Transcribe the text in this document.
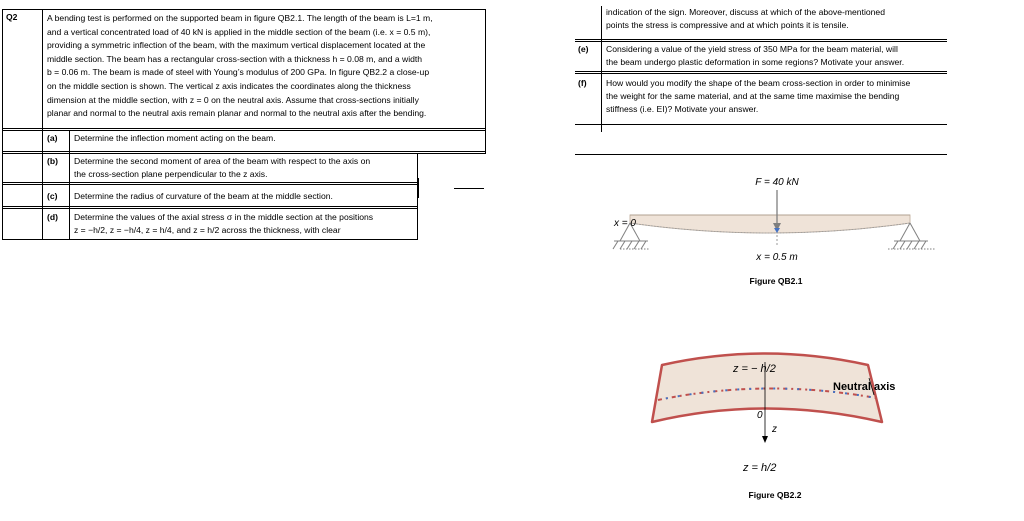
Q2	A bending test is performed on the supported beam in figure QB2.1. The length of the beam is L=1 m,
and a vertical concentrated load of 40 kN is applied in the middle section of the beam (i.e. x = 0.5 m),
providing a symmetric inflection of the beam, with the maximum vertical displacement located at the
middle section. The beam has a rectangular cross-section with a thickness h = 0.08 m, and a width
b = 0.06 m. The beam is made of steel with Young’s modulus of 200 GPa. In figure QB2.2 a close-up
on the middle section is shown. The vertical z axis indicates the coordinates along the thickness
dimension at the middle section, with z = 0 on the neutral axis. Assume that cross-sections initially
planar and normal to the neutral axis remain planar and normal to the neutral axis after the bending.
(a) Determine the inflection moment acting on the beam.
(b) Determine the second moment of area of the beam with respect to the axis on
the cross-section plane perpendicular to the z axis.
(c) Determine the radius of curvature of the beam at the middle section.
(d) Determine the values of the axial stress σ in the middle section at the positions
z = −h/2, z = −h/4, z = h/4, and z = h/2 across the thickness, with clear
indication of the sign. Moreover, discuss at which of the above-mentioned
points the stress is compressive and at which points it is tensile.
(e) Considering a value of the yield stress of 350 MPa for the beam material, will
the beam undergo plastic deformation in some regions? Motivate your answer.
(f) How would you modify the shape of the beam cross-section in order to minimise
the weight for the same material, and at the same time maximise the bending
stiffness (i.e. EI)? Motivate your answer.
F = 40 kN
x = 0
x = 0.5 m
Figure QB2.1
z = − h/2
Neutral axis
0
z
z = h/2
Figure QB2.2
